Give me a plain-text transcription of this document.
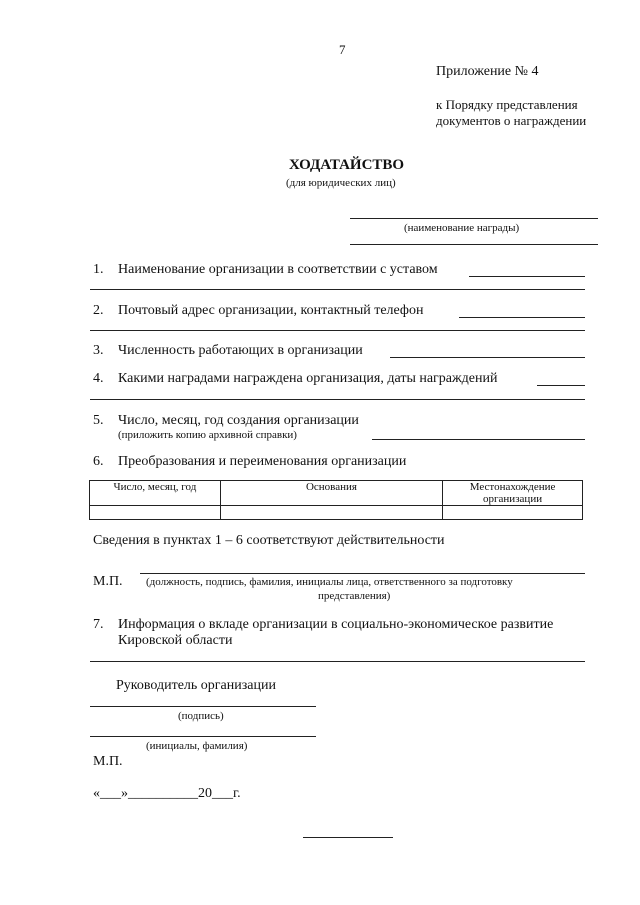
7
Приложение № 4
к Порядку представления
документов о награждении
ХОДАТАЙСТВО
(для юридических лиц)
(наименование награды)
1. Наименование организации в соответствии с уставом
2. Почтовый адрес организации, контактный телефон
3. Численность работающих в организации
4. Какими наградами награждена организация, даты награждений
5. Число, месяц, год создания организации
(приложить копию архивной справки)
6. Преобразования и переименования организации
Число, месяц, год	Основания	Местонахождение
организации

Сведения в пунктах 1 – 6 соответствуют действительности
М.П. (должность, подпись, фамилия, инициалы лица, ответственного за подготовку
представления)
7. Информация о вкладе организации в социально-экономическое развитие
Кировской области
Руководитель организации
(подпись)
(инициалы, фамилия)
М.П.
«___»__________20___г.
